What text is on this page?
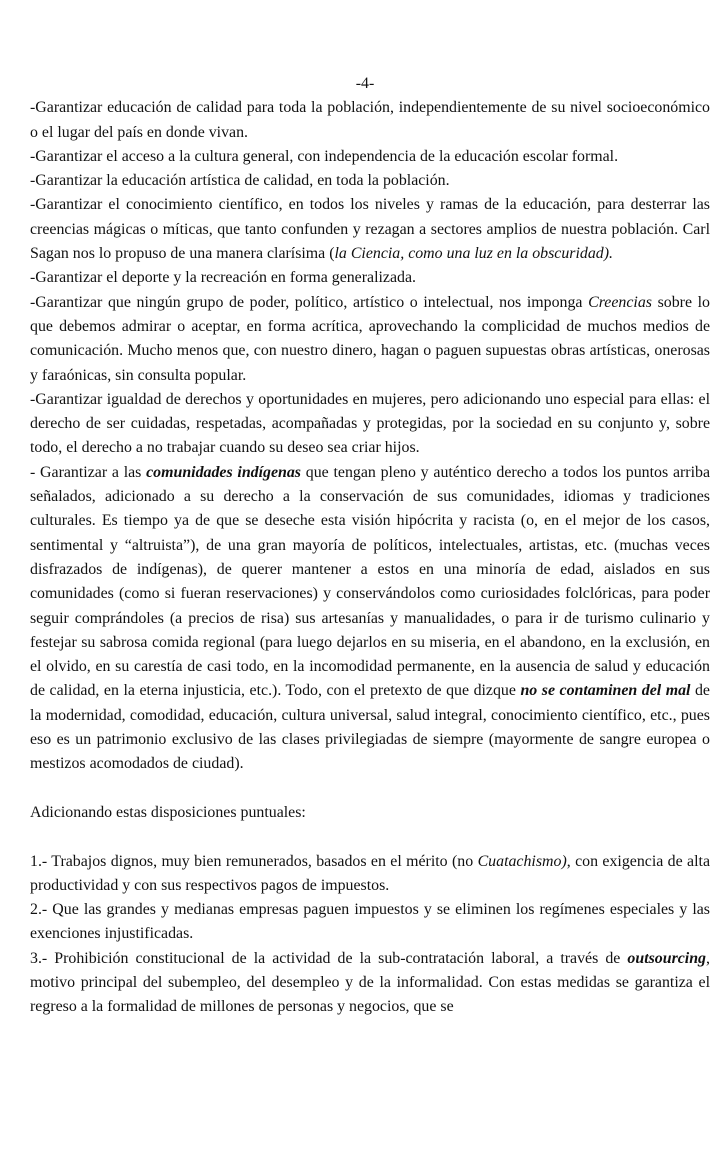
-4-

-Garantizar educación de calidad para toda la población, independientemente de su nivel socioeconómico o el lugar del país en donde vivan.

-Garantizar el acceso a la cultura general, con independencia de la educación escolar formal.

-Garantizar la educación artística de calidad, en toda la población.

-Garantizar el conocimiento científico, en todos los niveles y ramas de la educación, para desterrar las creencias mágicas o míticas, que tanto confunden y rezagan a sectores amplios de nuestra población. Carl Sagan nos lo propuso de una manera clarísima (la Ciencia, como una luz en la obscuridad).

-Garantizar el deporte y la recreación en forma generalizada.

-Garantizar que ningún grupo de poder, político, artístico o intelectual, nos imponga Creencias sobre lo que debemos admirar o aceptar, en forma acrítica, aprovechando la complicidad de muchos medios de comunicación. Mucho menos que, con nuestro dinero, hagan o paguen supuestas obras artísticas, onerosas y faraónicas, sin consulta popular.

-Garantizar igualdad de derechos y oportunidades en mujeres, pero adicionando uno especial para ellas: el derecho de ser cuidadas, respetadas, acompañadas y protegidas, por la sociedad en su conjunto y, sobre todo, el derecho a no trabajar cuando su deseo sea criar hijos.

- Garantizar a las comunidades indígenas que tengan pleno y auténtico derecho a todos los puntos arriba señalados, adicionado a su derecho a la conservación de sus comunidades, idiomas y tradiciones culturales. Es tiempo ya de que se deseche esta visión hipócrita y racista (o, en el mejor de los casos, sentimental y “altruista”), de una gran mayoría de políticos, intelectuales, artistas, etc. (muchas veces disfrazados de indígenas), de querer mantener a estos en una minoría de edad, aislados en sus comunidades (como si fueran reservaciones) y conservándolos como curiosidades folclóricas, para poder seguir comprándoles (a precios de risa) sus artesanías y manualidades, o para ir de turismo culinario y festejar su sabrosa comida regional (para luego dejarlos en su miseria, en el abandono, en la exclusión, en el olvido, en su carestía de casi todo, en la incomodidad permanente, en la ausencia de salud y educación de calidad, en la eterna injusticia, etc.). Todo, con el pretexto de que dizque no se contaminen del mal de la modernidad, comodidad, educación, cultura universal, salud integral, conocimiento científico, etc., pues eso es un patrimonio exclusivo de las clases privilegiadas de siempre (mayormente de sangre europea o mestizos acomodados de ciudad).

Adicionando estas disposiciones puntuales:

1.- Trabajos dignos, muy bien remunerados, basados en el mérito (no Cuatachismo), con exigencia de alta productividad y con sus respectivos pagos de impuestos.

2.- Que las grandes y medianas empresas paguen impuestos y se eliminen los regímenes especiales y las exenciones injustificadas.

3.- Prohibición constitucional de la actividad de la sub-contratación laboral, a través de outsourcing, motivo principal del subempleo, del desempleo y de la informalidad. Con estas medidas se garantiza el regreso a la formalidad de millones de personas y negocios, que se
